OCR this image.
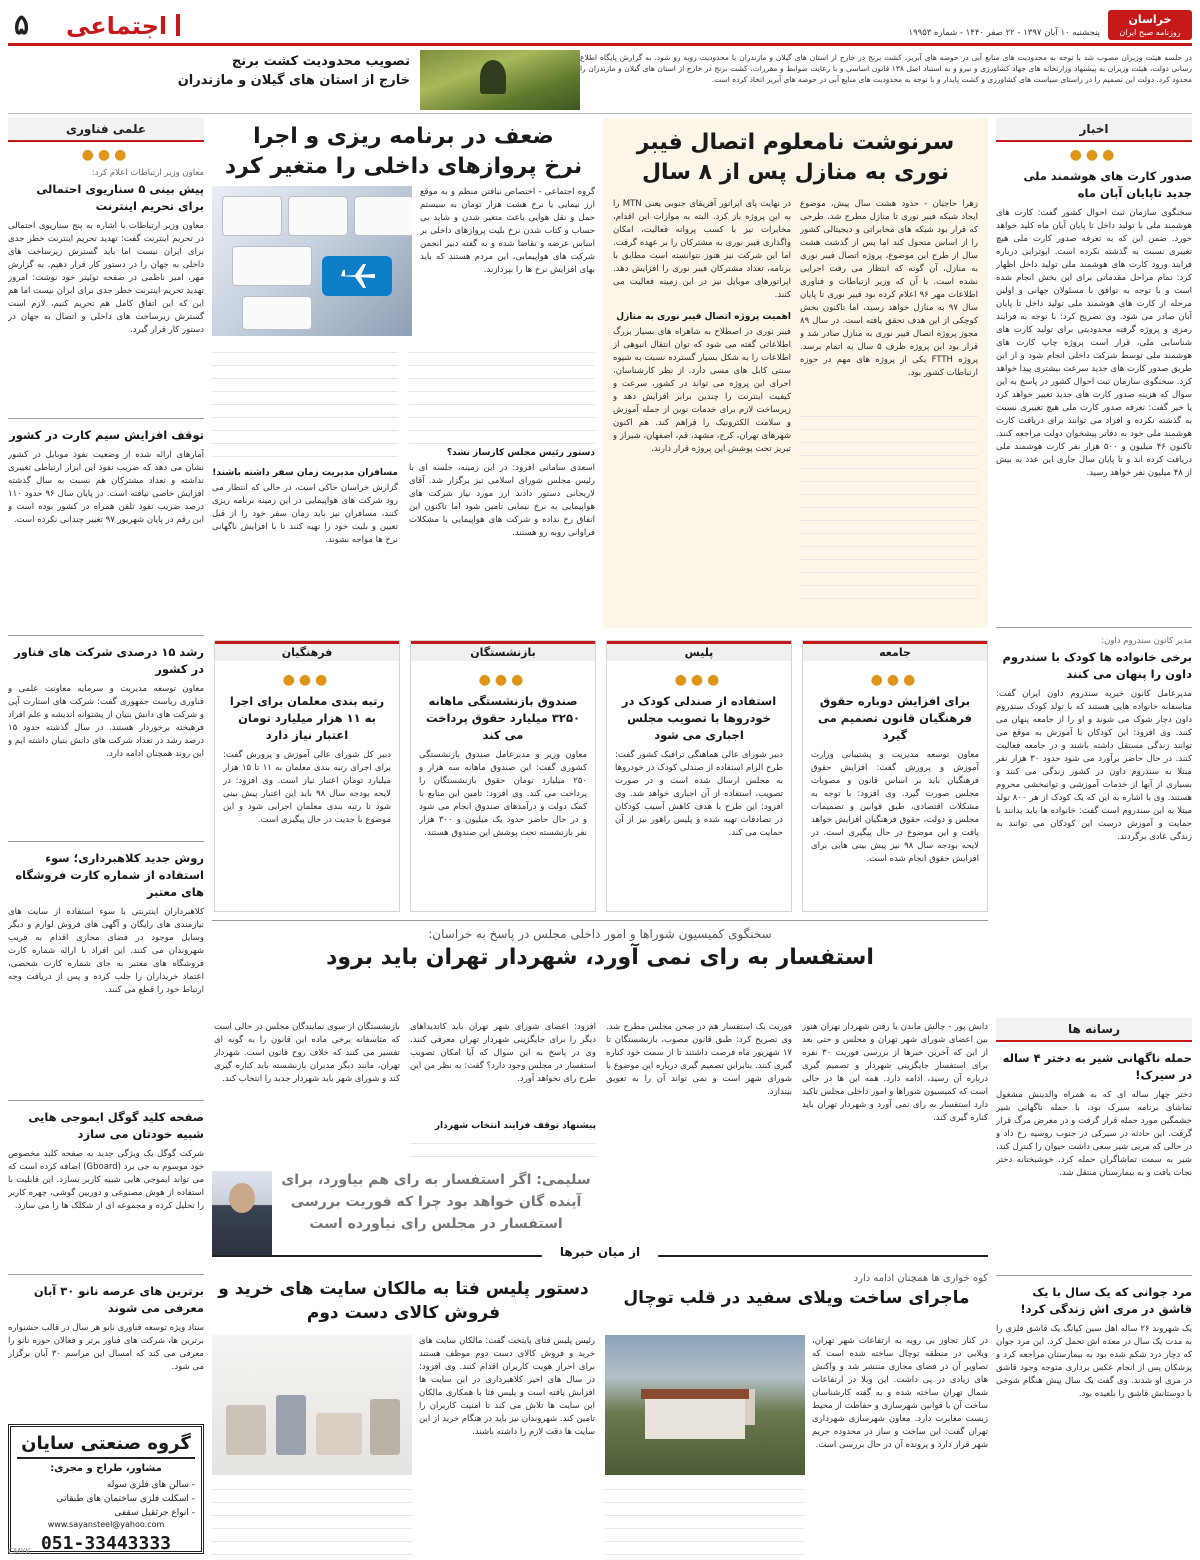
خراسان
روزنامه صبح ایران
پنجشنبه ۱۰ آبان ۱۳۹۷ - ۲۲ صفر ۱۴۴۰ - شماره ۱۹۹۵۳
اجتماعی
۵
در جلسه هیئت وزیران مصوب شد با توجه به محدودیت های منابع آبی در حوضه های آبریز، کشت برنج در خارج از استان های گیلان و مازندران با محدودیت روبه رو شود. به گزارش پایگاه اطلاع رسانی دولت، هیئت وزیران به پیشنهاد وزارتخانه های جهاد کشاورزی و نیرو و به استناد اصل ۱۳۸ قانون اساسی و با رعایت ضوابط و مقررات، کشت برنج در خارج از استان های گیلان و مازندران را محدود کرد. دولت این تصمیم را در راستای سیاست های کشاورزی و کشت پایدار و با توجه به محدودیت های منابع آبی در حوضه های آبریز اتخاذ کرده است.
تصویب محدودیت کشت برنج
خارج از استان های گیلان و مازندران
اخبار
●●●
صدور کارت های هوشمند ملی جدید تاپایان آبان ماه
سخنگوی سازمان ثبت احوال کشور گفت: کارت های هوشمند ملی با تولید داخل تا پایان آبان ماه کلید خواهد خورد. ضمن این که به تعرفه صدور کارت ملی هیچ تغییری نسبت به گذشته نکرده است. ابوترابی درباره فرایند ورود کارت های هوشمند ملی تولید داخل اظهار کرد: تمام مراحل مقدماتی برای این بخش انجام شده است و با توجه به توافق با مسئولان جهانی و اولین مرحله از کارت های هوشمند ملی تولید داخل تا پایان آبان صادر می شود. وی تصریح کرد: با توجه به فرایند رمزی و پروژه گرفته محدودیتی برای تولید کارت های شناسایی ملی، قرار است پروژه چاپ کارت های هوشمند ملی توسط شرکت داخلی انجام شود و از این طریق صدور کارت های جدید سرعت بیشتری پیدا خواهد کرد. سخنگوی سازمان ثبت احوال کشور در پاسخ به این سوال که هزینه صدور کارت های جدید تغییر خواهد کرد یا خیر گفت: تعرفه صدور کارت ملی هیچ تغییری نسبت به گذشته نکرده و افراد می توانند برای دریافت کارت هوشمند ملی خود به دفاتر پیشخوان دولت مراجعه کنند. تاکنون ۴۶ میلیون و ۵۰۰ هزار نفر کارت هوشمند ملی دریافت کرده اند و تا پایان سال جاری این عدد به بیش از ۴۸ میلیون نفر خواهد رسید.
مدیر کانون سندروم داون:
برخی خانواده ها کودک با سندروم داون را پنهان می کنند
مدیرعامل کانون خیریه سندروم داون ایران گفت: متاسفانه خانواده هایی هستند که با تولد کودک سندروم داون دچار شوک می شوند و او را از جامعه پنهان می کنند. وی افزود: این کودکان با آموزش به موقع می توانند زندگی مستقل داشته باشند و در جامعه فعالیت کنند. در حال حاضر برآورد می شود حدود ۳۰ هزار نفر مبتلا به سندروم داون در کشور زندگی می کنند و بسیاری از آنها از خدمات آموزشی و توانبخشی محروم هستند. وی با اشاره به این که یک کودک از هر ۸۰۰ تولد مبتلا به این سندروم است گفت: خانواده ها باید بدانند با حمایت و آموزش درست این کودکان می توانند به زندگی عادی برگردند.
رسانه ها
حمله ناگهانی شیر به دختر ۴ ساله در سیرک!
دختر چهار ساله ای که به همراه والدینش مشغول تماشای برنامه سیرک بود، با حمله ناگهانی شیر خشمگین مورد حمله قرار گرفت و در معرض مرگ قرار گرفت. این حادثه در سیرکی در جنوب روسیه رخ داد و در حالی که مربی شیر سعی داشت حیوان را کنترل کند، شیر به سمت تماشاگران حمله کرد. خوشبختانه دختر نجات یافت و به بیمارستان منتقل شد.
مرد جوانی که یک سال با یک قاشق در مری اش زندگی کرد!
یک شهروند ۲۶ ساله اهل سین کیانگ یک قاشق فلزی را به مدت یک سال در معده اش تحمل کرد. این مرد جوان که دچار درد شکم شده بود به بیمارستان مراجعه کرد و پزشکان پس از انجام عکس برداری متوجه وجود قاشق در مری او شدند. وی گفت یک سال پیش هنگام شوخی با دوستانش قاشق را بلعیده بود.
سرنوشت نامعلوم اتصال فیبر نوری به منازل پس از ۸ سال
زهرا حاجیان - حدود هشت سال پیش، موضوع ایجاد شبکه فیبر نوری تا منازل مطرح شد. طرحی که قرار بود شبکه های مخابراتی و دیجیتالی کشور را از اساس متحول کند اما پس از گذشت هشت سال از طرح این موضوع، پروژه اتصال فیبر نوری به منازل، آن گونه که انتظار می رفت اجرایی نشده است. با آن که وزیر ارتباطات و فناوری اطلاعات مهر ۹۶ اعلام کرده بود فیبر نوری تا پایان سال ۹۷ به منازل خواهد رسید، اما تاکنون بخش کوچکی از این هدف تحقق یافته است. در سال ۸۹ مجوز پروژه اتصال فیبر نوری به منازل صادر شد و قرار بود این پروژه ظرف ۵ سال به اتمام برسد. پروژه FTTH یکی از پروژه های مهم در حوزه ارتباطات کشور بود.
در نهایت پای اپراتور آفریقای جنوبی یعنی MTN را به این پروژه باز کرد. البته به موازات این اقدام، مخابرات نیز با کسب پروانه فعالیت، امکان واگذاری فیبر نوری به مشترکان را بر عهده گرفت. اما این شرکت نیز هنوز نتوانسته است مطابق با برنامه، تعداد مشترکان فیبر نوری را افزایش دهد. اپراتورهای موبایل نیز در این زمینه فعالیت می کنند.
اهمیت پروژه اتصال فیبر نوری به منازل
فیبر نوری در اصطلاح به شاهراه های بسیار بزرگ اطلاعاتی گفته می شود که توان انتقال انبوهی از اطلاعات را به شکل بسیار گسترده نسبت به شیوه سنتی کابل های مسی دارد. از نظر کارشناسان، اجرای این پروژه می تواند در کشور، سرعت و کیفیت اینترنت را چندین برابر افزایش دهد و زیرساخت لازم برای خدمات نوین از جمله آموزش و سلامت الکترونیک را فراهم کند. هم اکنون شهرهای تهران، کرج، مشهد، قم، اصفهان، شیراز و تبریز تحت پوشش این پروژه قرار دارند.
ضعف در برنامه ریزی و اجرا
نرخ پروازهای داخلی را متغیر کرد
گروه اجتماعی - اختصاص نیافتن منظم و به موقع ارز نیمایی یا نرخ هشت هزار تومان به سیستم حمل و نقل هوایی باعث متغیر شدن و شاید بی حساب و کتاب شدن نرخ بلیت پروازهای داخلی بر اساس عرضه و تقاضا شده و به گفته دبیر انجمن شرکت های هواپیمایی، این مردم هستند که باید بهای افزایش نرخ ها را بپردازند.
دستور رئیس مجلس کارساز نشد؟
اسعدی سامانی افزود: در این زمینه، جلسه ای با رئیس مجلس شورای اسلامی نیز برگزار شد. آقای لاریجانی دستور دادند ارز مورد نیاز شرکت های هواپیمایی به نرخ نیمایی تامین شود اما تاکنون این اتفاق رخ نداده و شرکت های هواپیمایی با مشکلات فراوانی روبه رو هستند.
مسافران مدیریت زمان سفر داشته باشند!
گزارش خراسان حاکی است، در حالی که انتظار می رود شرکت های هواپیمایی در این زمینه برنامه ریزی کنند، مسافران نیز باید زمان سفر خود را از قبل تعیین و بلیت خود را تهیه کنند تا با افزایش ناگهانی نرخ ها مواجه نشوند.
جامعه
●●●
برای افزایش دوباره حقوق فرهنگیان قانون تصمیم می گیرد
معاون توسعه مدیریت و پشتیبانی وزارت آموزش و پرورش گفت: افزایش حقوق فرهنگیان باید بر اساس قانون و مصوبات مجلس صورت گیرد. وی افزود: با توجه به مشکلات اقتصادی، طبق قوانین و تصمیمات مجلس و دولت، حقوق فرهنگیان افزایش خواهد یافت و این موضوع در حال پیگیری است. در لایحه بودجه سال ۹۸ نیز پیش بینی هایی برای افزایش حقوق انجام شده است.
پلیس
●●●
استفاده از صندلی کودک در خودروها با تصویب مجلس اجباری می شود
دبیر شورای عالی هماهنگی ترافیک کشور گفت: طرح الزام استفاده از صندلی کودک در خودروها به مجلس ارسال شده است و در صورت تصویب، استفاده از آن اجباری خواهد شد. وی افزود: این طرح با هدف کاهش آسیب کودکان در تصادفات تهیه شده و پلیس راهور نیز از آن حمایت می کند.
بازنشستگان
●●●
صندوق بازنشستگی ماهانه ۳۲۵۰ میلیارد حقوق پرداخت می کند
معاون وزیر و مدیرعامل صندوق بازنشستگی کشوری گفت: این صندوق ماهانه سه هزار و ۲۵۰ میلیارد تومان حقوق بازنشستگان را پرداخت می کند. وی افزود: تامین این منابع با کمک دولت و درآمدهای صندوق انجام می شود و در حال حاضر حدود یک میلیون و ۳۰۰ هزار نفر بازنشسته تحت پوشش این صندوق هستند.
فرهنگیان
●●●
رتبه بندی معلمان برای اجرا به ۱۱ هزار میلیارد تومان اعتبار نیاز دارد
دبیر کل شورای عالی آموزش و پرورش گفت: برای اجرای رتبه بندی معلمان به ۱۱ تا ۱۵ هزار میلیارد تومان اعتبار نیاز است. وی افزود: در لایحه بودجه سال ۹۸ باید این اعتبار پیش بینی شود تا رتبه بندی معلمان اجرایی شود و این موضوع با جدیت در حال پیگیری است.
سخنگوی کمیسیون شوراها و امور داخلی مجلس در پاسخ به خراسان:
استفسار به رای نمی آورد، شهردار تهران باید برود
دانش پور - چالش ماندن یا رفتن شهردار تهران هنوز بین اعضای شورای شهر تهران و مجلس و حتی بعد از این که آخرین خبرها از بررسی فوریت ۳۰ نفره برای استفسار جایگزینی شهردار و تصمیم گیری درباره آن رسید، ادامه دارد. همه این ها در حالی است که کمیسیون شوراها و امور داخلی مجلس تاکید دارد استفسار به رای نمی آورد و شهردار تهران باید کناره گیری کند.
فوریت یک استفسار هم در صحن مجلس مطرح شد. وی تصریح کرد: طبق قانون مصوب، بازنشستگان تا ۱۷ شهریور ماه فرصت داشتند تا از سمت خود کناره گیری کنند. بنابراین تصمیم گیری درباره این موضوع با شورای شهر است و نمی تواند آن را به تعویق بیندازد.
افزود: اعضای شورای شهر تهران باید کاندیداهای دیگر را برای جایگزینی شهردار تهران معرفی کنند. وی در پاسخ به این سوال که آیا امکان تصویب استفسار در مجلس وجود دارد؟ گفت: به نظر من این طرح رای نخواهد آورد.
پیشنهاد توقف فرایند انتخاب شهردار
بازنشستگان از سوی نمایندگان مجلس در حالی است که متاسفانه برخی ماده این قانون را به گونه ای تفسیر می کنند که خلاف روح قانون است. شهردار تهران، مانند دیگر مدیران بازنشسته باید کناره گیری کند و شورای شهر باید شهردار جدید را انتخاب کند.
سلیمی: اگر استفسار به رای هم بیاورد، برای آینده گان خواهد بود چرا که فوریت بررسی استفسار در مجلس رای نیاورده است
از میان خبرها
کوه خواری ها همچنان ادامه دارد
ماجرای ساخت ویلای سفید در قلب توچال
در کنار تجاوز بی رویه به ارتفاعات شهر تهران، ویلایی در منطقه توچال ساخته شده است که تصاویر آن در فضای مجازی منتشر شد و واکنش های زیادی در پی داشت. این ویلا در ارتفاعات شمال تهران ساخته شده و به گفته کارشناسان ساخت آن با قوانین شهرسازی و حفاظت از محیط زیست مغایرت دارد. معاون شهرسازی شهرداری تهران گفت: این ساخت و ساز در محدوده حریم شهر قرار دارد و پرونده آن در حال بررسی است.
دستور پلیس فتا به مالکان سایت های خرید و فروش کالای دست دوم
رئیس پلیس فتای پایتخت گفت: مالکان سایت های خرید و فروش کالای دست دوم موظف هستند برای احراز هویت کاربران اقدام کنند. وی افزود: در سال های اخیر کلاهبرداری در این سایت ها افزایش یافته است و پلیس فتا با همکاری مالکان این سایت ها تلاش می کند تا امنیت کاربران را تامین کند. شهروندان نیز باید در هنگام خرید از این سایت ها دقت لازم را داشته باشند.
علمی فناوری
●●●
معاون وزیر ارتباطات اعلام کرد:
پیش بینی ۵ سناریوی احتمالی برای تحریم اینترنت
معاون وزیر ارتباطات با اشاره به پنج سناریوی احتمالی در تحریم اینترنت گفت: تهدید تحریم اینترنت خطر جدی برای ایران نیست اما باید گسترش زیرساخت های داخلی به جهان را در دستور کار قرار دهیم. به گزارش مهر، امیر ناظمی در صفحه توئیتر خود نوشت: امروز تهدید تحریم اینترنت خطر جدی برای ایران نیست اما هم این که این اتفاق کامل هم تحریم کنیم، لازم است گسترش زیرساخت های داخلی و اتصال به جهان در دستور کار قرار گیرد.
توقف افزایش سیم کارت در کشور
آمارهای ارائه شده از وضعیت نفوذ موبایل در کشور نشان می دهد که ضریب نفوذ این ابزار ارتباطی تغییری نداشته و تعداد مشترکان هم نسبت به سال گذشته افزایش خاصی نیافته است. در پایان سال ۹۶ حدود ۱۱۰ درصد ضریب نفوذ تلفن همراه در کشور بوده است و این رقم در پایان شهریور ۹۷ تغییر چندانی نکرده است.
رشد ۱۵ درصدی شرکت های فناور در کشور
معاون توسعه مدیریت و سرمایه معاونت علمی و فناوری ریاست جمهوری گفت: شرکت های استارت آپی و شرکت های دانش بنیان از پشتوانه اندیشه و علم افراد فرهیخته برخوردار هستند. در سال گذشته حدود ۱۵ درصد رشد در تعداد شرکت های دانش بنیان داشته ایم و این روند همچنان ادامه دارد.
روش جدید کلاهبرداری؛ سوء استفاده از شماره کارت فروشگاه های معتبر
کلاهبرداران اینترنتی با سوء استفاده از سایت های نیازمندی های رایگان و آگهی های فروش لوازم و دیگر وسایل موجود در فضای مجازی اقدام به فریب شهروندان می کنند. این افراد با ارائه شماره کارت فروشگاه های معتبر به جای شماره کارت شخصی، اعتماد خریداران را جلب کرده و پس از دریافت وجه ارتباط خود را قطع می کنند.
صفحه کلید گوگل ایموجی هایی شبیه خودتان می سازد
شرکت گوگل یک ویژگی جدید به صفحه کلید مخصوص خود موسوم به جی برد (Gboard) اضافه کرده است که می تواند ایموجی هایی شبیه کاربر بسازد. این قابلیت با استفاده از هوش مصنوعی و دوربین گوشی، چهره کاربر را تحلیل کرده و مجموعه ای از شکلک ها را می سازد.
برترین های عرصه نانو ۳۰ آبان معرفی می شوند
ستاد ویژه توسعه فناوری نانو هر سال در قالب جشنواره برترین ها، شرکت های فناور برتر و فعالان حوزه نانو را معرفی می کند که امسال این مراسم ۳۰ آبان برگزار می شود.
گروه صنعتی سایان
مشاور، طراح و مجری:
- سالن های فلزی سوله
- اسکلت فلزی ساختمان های طبقاتی
- انواع جرثقیل سقفی
www.sayansteel@yahoo.com
051-33443333
CMYK
